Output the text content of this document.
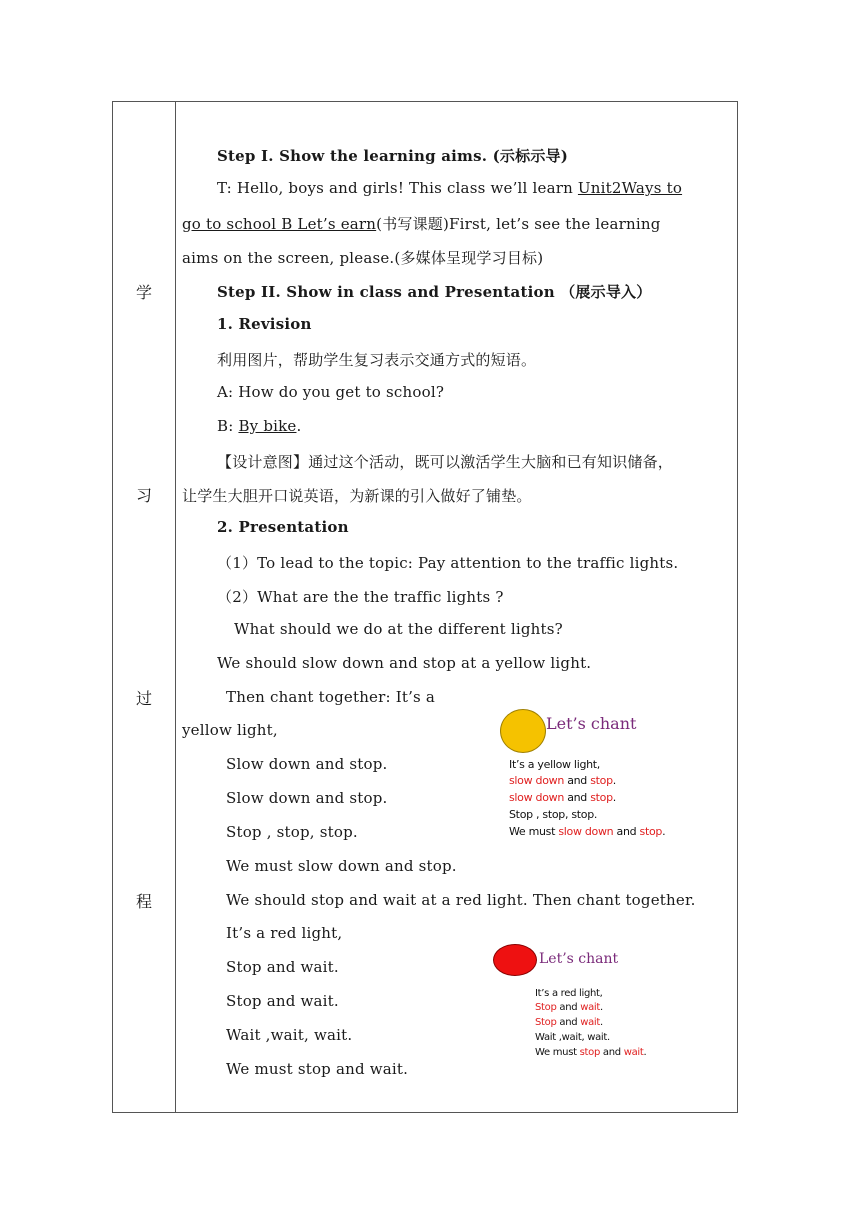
学
习
过
程
Step I. Show the learning aims. (示标示导)
T: Hello, boys and girls! This class we’ll learn Unit2Ways to
go to school B Let’s earn(书写课题)First, let’s see the learning
aims on the screen, please.(多媒体呈现学习目标)
Step II. Show in class and Presentation （展示导入）
1. Revision
利用图片，帮助学生复习表示交通方式的短语。
A: How do you get to school?
B: By bike.
【设计意图】通过这个活动，既可以激活学生大脑和已有知识储备，
让学生大胆开口说英语，为新课的引入做好了铺垫。
2. Presentation
（1）To lead to the topic: Pay attention to the traffic lights.
（2）What are the the traffic lights ?
What should we do at the different lights?
We should slow down and stop at a yellow light.
Then chant together: It’s a
yellow light,
Slow down and stop.
Slow down and stop.
Stop , stop, stop.
We must slow down and stop.
We should stop and wait at a red light. Then chant together.
It’s a red light,
Stop and wait.
Stop and wait.
Wait ,wait, wait.
We must stop and wait.
Let’s chant
It’s a yellow light,
slow down and stop.
slow down and stop.
Stop , stop, stop.
We must slow down and stop.
Let’s chant
It’s a red light,
Stop and wait.
Stop and wait.
Wait ,wait, wait.
We must stop and wait.
